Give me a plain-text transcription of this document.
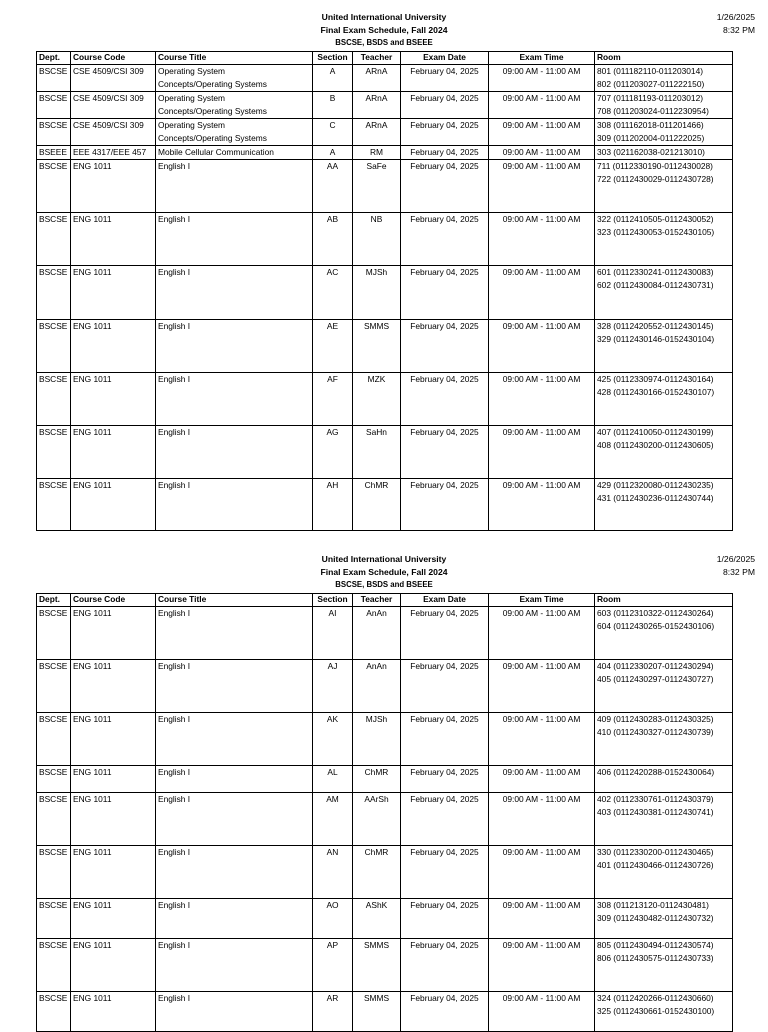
United International University
Final Exam Schedule, Fall 2024
BSCSE, BSDS and BSEEE
1/26/2025
8:32 PM
Dept.	Course Code	Course Title	Section	Teacher	Exam Date	Exam Time	Room
BSCSE	CSE 4509/CSI 309	Operating System
Concepts/Operating Systems	A	ARnA	February 04, 2025	09:00 AM - 11:00 AM	801 (011182110-011203014)
802 (011203027-011222150)

BSCSE	CSE 4509/CSI 309	Operating System
Concepts/Operating Systems	B	ARnA	February 04, 2025	09:00 AM - 11:00 AM	707 (011181193-011203012)
708 (011203024-0112230954)

BSCSE	CSE 4509/CSI 309	Operating System
Concepts/Operating Systems	C	ARnA	February 04, 2025	09:00 AM - 11:00 AM	308 (011162018-011201466)
309 (011202004-011222025)

BSEEE	EEE 4317/EEE 457	Mobile Cellular Communication	A	RM	February 04, 2025	09:00 AM - 11:00 AM	303 (021162038-021213010)

BSCSE	ENG 1011	English I	AA	SaFe	February 04, 2025	09:00 AM - 11:00 AM	711 (0112330190-0112430028)
722 (0112430029-0112430728)

BSCSE	ENG 1011	English I	AB	NB	February 04, 2025	09:00 AM - 11:00 AM	322 (0112410505-0112430052)
323 (0112430053-0152430105)

BSCSE	ENG 1011	English I	AC	MJSh	February 04, 2025	09:00 AM - 11:00 AM	601 (0112330241-0112430083)
602 (0112430084-0112430731)

BSCSE	ENG 1011	English I	AE	SMMS	February 04, 2025	09:00 AM - 11:00 AM	328 (0112420552-0112430145)
329 (0112430146-0152430104)

BSCSE	ENG 1011	English I	AF	MZK	February 04, 2025	09:00 AM - 11:00 AM	425 (0112330974-0112430164)
428 (0112430166-0152430107)

BSCSE	ENG 1011	English I	AG	SaHn	February 04, 2025	09:00 AM - 11:00 AM	407 (0112410050-0112430199)
408 (0112430200-0112430605)

BSCSE	ENG 1011	English I	AH	ChMR	February 04, 2025	09:00 AM - 11:00 AM	429 (0112320080-0112430235)
431 (0112430236-0112430744)
United International University
Final Exam Schedule, Fall 2024
BSCSE, BSDS and BSEEE
1/26/2025
8:32 PM
Dept.	Course Code	Course Title	Section	Teacher	Exam Date	Exam Time	Room
BSCSE	ENG 1011	English I	AI	AnAn	February 04, 2025	09:00 AM - 11:00 AM	603 (0112310322-0112430264)
604 (0112430265-0152430106)

BSCSE	ENG 1011	English I	AJ	AnAn	February 04, 2025	09:00 AM - 11:00 AM	404 (0112330207-0112430294)
405 (0112430297-0112430727)

BSCSE	ENG 1011	English I	AK	MJSh	February 04, 2025	09:00 AM - 11:00 AM	409 (0112430283-0112430325)
410 (0112430327-0112430739)

BSCSE	ENG 1011	English I	AL	ChMR	February 04, 2025	09:00 AM - 11:00 AM	406 (0112420288-0152430064)

BSCSE	ENG 1011	English I	AM	AArSh	February 04, 2025	09:00 AM - 11:00 AM	402 (0112330761-0112430379)
403 (0112430381-0112430741)

BSCSE	ENG 1011	English I	AN	ChMR	February 04, 2025	09:00 AM - 11:00 AM	330 (0112330200-0112430465)
401 (0112430466-0112430726)

BSCSE	ENG 1011	English I	AO	AShK	February 04, 2025	09:00 AM - 11:00 AM	308 (011213120-0112430481)
309 (0112430482-0112430732)

BSCSE	ENG 1011	English I	AP	SMMS	February 04, 2025	09:00 AM - 11:00 AM	805 (0112430494-0112430574)
806 (0112430575-0112430733)

BSCSE	ENG 1011	English I	AR	SMMS	February 04, 2025	09:00 AM - 11:00 AM	324 (0112420266-0112430660)
325 (0112430661-0152430100)
